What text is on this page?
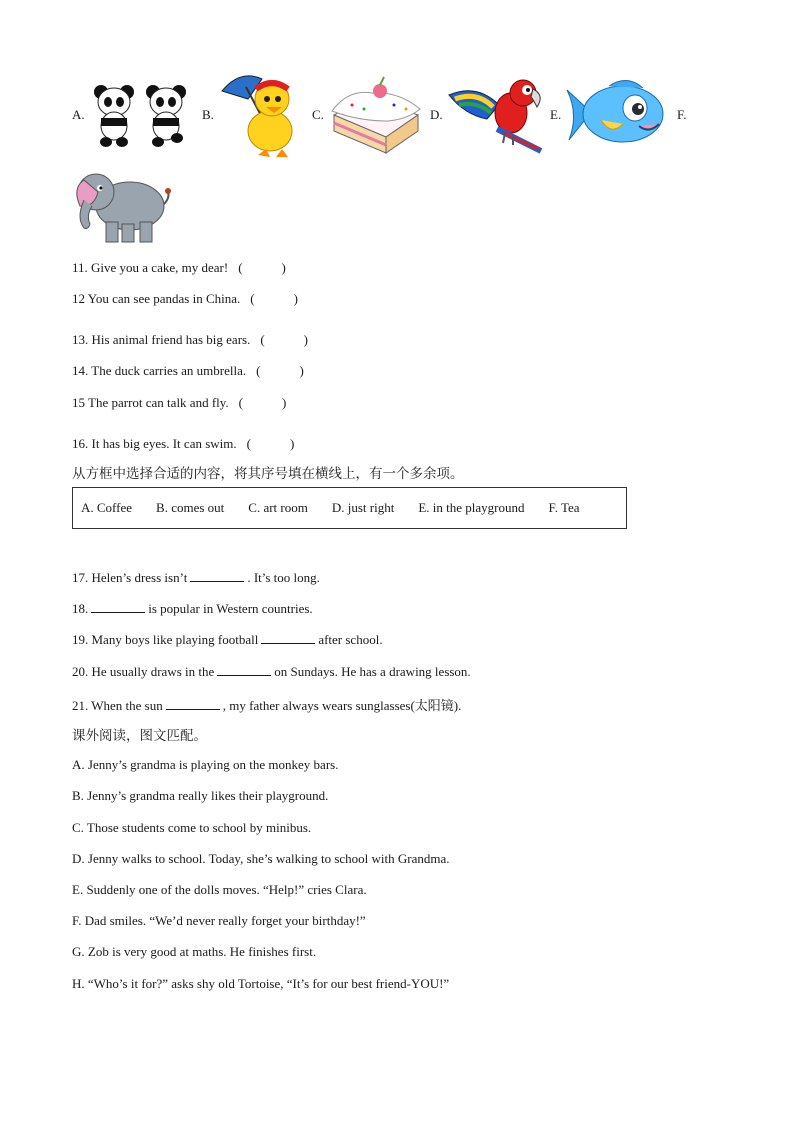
A.	B.	C.	D.	E.	F.
11. Give you a cake, my dear! (　　　)
12 You can see pandas in China. (　　　)
13. His animal friend has big ears. (　　　)
14. The duck carries an umbrella. (　　　)
15 The parrot can talk and fly. (　　　)
16. It has big eyes. It can swim. (　　　)
从方框中选择合适的内容，将其序号填在横线上，有一个多余项。
A. Coffee B. comes out C. art room D. just right E. in the playground F. Tea
17. Helen’s dress isn’t	. It’s too long.
18.	is popular in Western countries.
19. Many boys like playing football	after school.
20. He usually draws in the	on Sundays. He has a drawing lesson.
21. When the sun	, my father always wears sunglasses(太阳镜).
课外阅读，图文匹配。
A. Jenny’s grandma is playing on the monkey bars.
B. Jenny’s grandma really likes their playground.
C. Those students come to school by minibus.
D. Jenny walks to school. Today, she’s walking to school with Grandma.
E. Suddenly one of the dolls moves. “Help!” cries Clara.
F. Dad smiles. “We’d never really forget your birthday!”
G. Zob is very good at maths. He finishes first.
H. “Who’s it for?” asks shy old Tortoise, “It’s for our best friend-YOU!”
